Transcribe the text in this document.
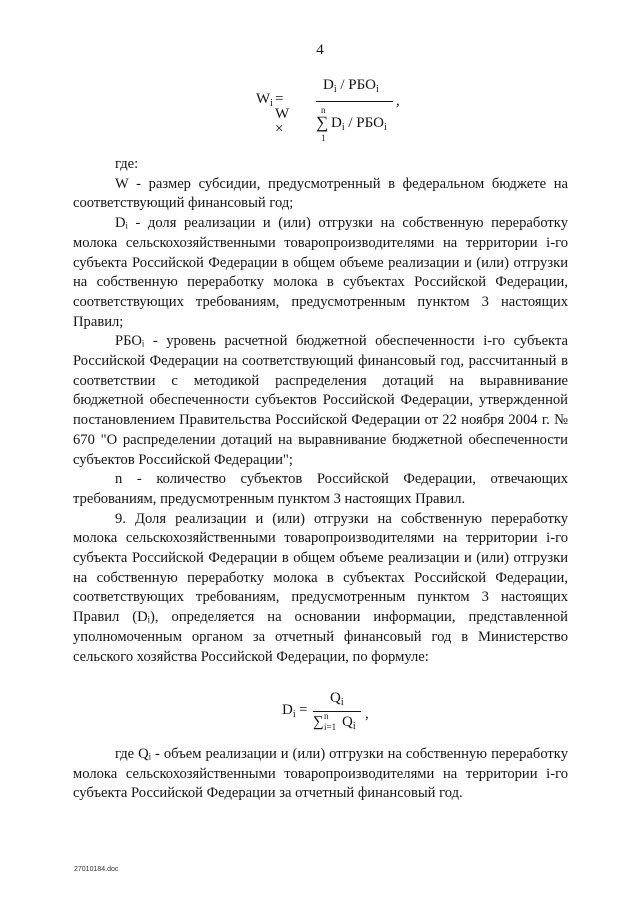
4
$W_i = W$ ×
$D_i / РБО_i$
n
∑
1
$D_i / РБО_i$
,

где:

W - размер субсидии, предусмотренный в федеральном бюджете на соответствующий финансовый год;

Dᵢ - доля реализации и (или) отгрузки на собственную переработку молока сельскохозяйственными товаропроизводителями на территории i-го субъекта Российской Федерации в общем объеме реализации и (или) отгрузки на собственную переработку молока в субъектах Российской Федерации, соответствующих требованиям, предусмотренным пунктом 3 настоящих Правил;

РБОᵢ - уровень расчетной бюджетной обеспеченности i-го субъекта Российской Федерации на соответствующий финансовый год, рассчитанный в соответствии с методикой распределения дотаций на выравнивание бюджетной обеспеченности субъектов Российской Федерации, утвержденной постановлением Правительства Российской Федерации от 22 ноября 2004 г. № 670 "О распределении дотаций на выравнивание бюджетной обеспеченности субъектов Российской Федерации";

n - количество субъектов Российской Федерации, отвечающих требованиям, предусмотренным пунктом 3 настоящих Правил.

9. Доля реализации и (или) отгрузки на собственную переработку молока сельскохозяйственными товаропроизводителями на территории i-го субъекта Российской Федерации в общем объеме реализации и (или) отгрузки на собственную переработку молока в субъектах Российской Федерации, соответствующих требованиям, предусмотренным пунктом 3 настоящих Правил (Dᵢ), определяется на основании информации, представленной уполномоченным органом за отчетный финансовый год в Министерство сельского хозяйства Российской Федерации, по формуле:

$D_i$ =
$Q_i$
∑ n
i=1 $Q_i$
,

где Qᵢ - объем реализации и (или) отгрузки на собственную переработку молока сельскохозяйственными товаропроизводителями на территории i-го субъекта Российской Федерации за отчетный финансовый год.

27010184.doc
